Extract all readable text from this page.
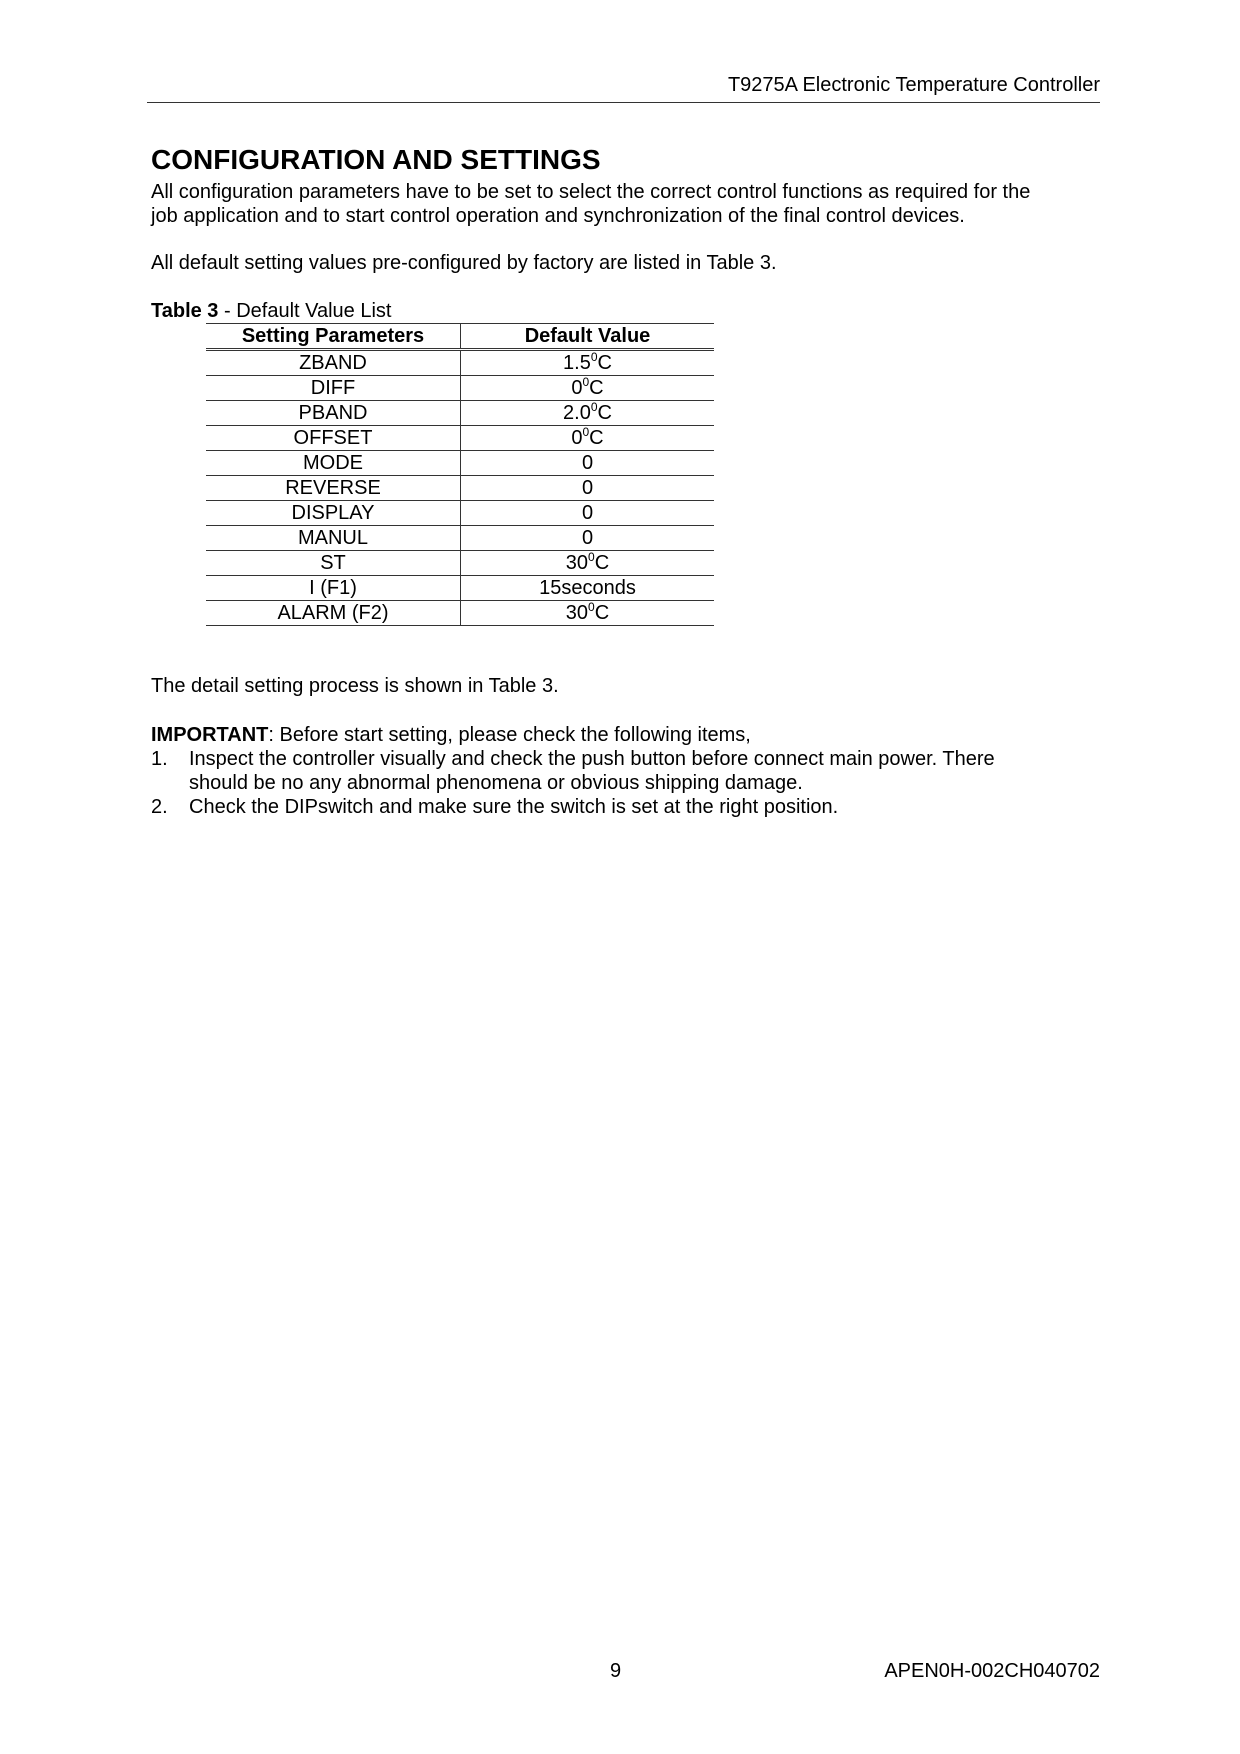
T9275A Electronic Temperature Controller
CONFIGURATION AND SETTINGS

All configuration parameters have to be set to select the correct control functions as required for the
job application and to start control operation and synchronization of the final control devices.

All default setting values pre-configured by factory are listed in Table 3.

Table 3 - Default Value List
Setting Parameters	Default Value
ZBAND	$1.5^0C$
DIFF	$0^0C$
PBAND	$2.0^0C$
OFFSET	$0^0C$
MODE	0
REVERSE	0
DISPLAY	0
MANUL	0
ST	$30^0C$
I (F1)	15seconds
ALARM (F2)	$30^0C$

The detail setting process is shown in Table 3.

IMPORTANT: Before start setting, please check the following items,
1. Inspect the controller visually and check the push button before connect main power. There
should be no any abnormal phenomena or obvious shipping damage.
2. Check the DIPswitch and make sure the switch is set at the right position.
9	APEN0H-002CH040702
